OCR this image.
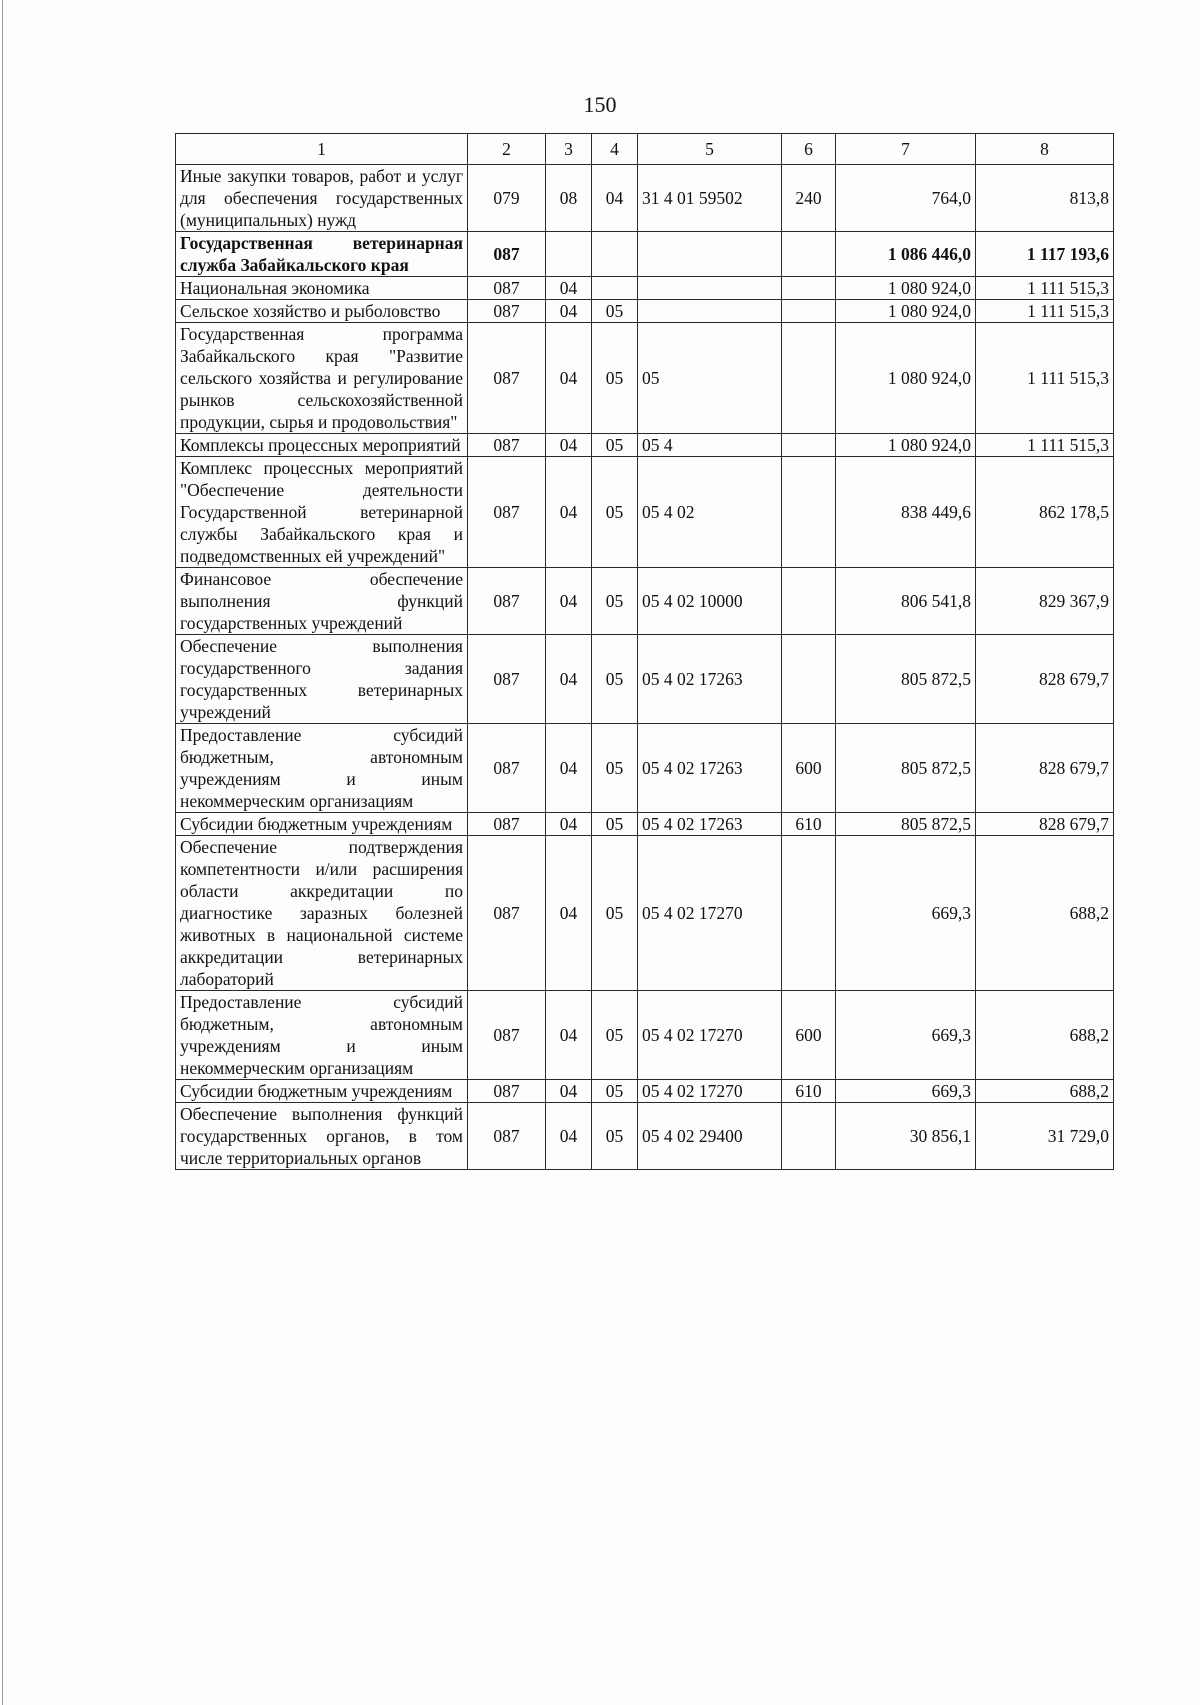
150
1	2	3	4	5	6	7	8
Иные закупки товаров, работ и услуг для обеспечения государственных (муниципальных) нужд	079	08	04	31 4 01 59502	240	764,0	813,8
Государственная ветеринарная служба Забайкальского края	087					1 086 446,0	1 117 193,6
Национальная экономика	087	04				1 080 924,0	1 111 515,3
Сельское хозяйство и рыболовство	087	04	05			1 080 924,0	1 111 515,3
Государственная программа Забайкальского края "Развитие сельского хозяйства и регулирование рынков сельскохозяйственной продукции, сырья и продовольствия"	087	04	05	05		1 080 924,0	1 111 515,3
Комплексы процессных мероприятий	087	04	05	05 4		1 080 924,0	1 111 515,3
Комплекс процессных мероприятий "Обеспечение деятельности Государственной ветеринарной службы Забайкальского края и подведомственных ей учреждений"	087	04	05	05 4 02		838 449,6	862 178,5
Финансовое обеспечение выполнения функций государственных учреждений	087	04	05	05 4 02 10000		806 541,8	829 367,9
Обеспечение выполнения государственного задания государственных ветеринарных учреждений	087	04	05	05 4 02 17263		805 872,5	828 679,7
Предоставление субсидий бюджетным, автономным учреждениям и иным некоммерческим организациям	087	04	05	05 4 02 17263	600	805 872,5	828 679,7
Субсидии бюджетным учреждениям	087	04	05	05 4 02 17263	610	805 872,5	828 679,7
Обеспечение подтверждения компетентности и/или расширения области аккредитации по диагностике заразных болезней животных в национальной системе аккредитации ветеринарных лабораторий	087	04	05	05 4 02 17270		669,3	688,2
Предоставление субсидий бюджетным, автономным учреждениям и иным некоммерческим организациям	087	04	05	05 4 02 17270	600	669,3	688,2
Субсидии бюджетным учреждениям	087	04	05	05 4 02 17270	610	669,3	688,2
Обеспечение выполнения функций государственных органов, в том числе территориальных органов	087	04	05	05 4 02 29400		30 856,1	31 729,0
